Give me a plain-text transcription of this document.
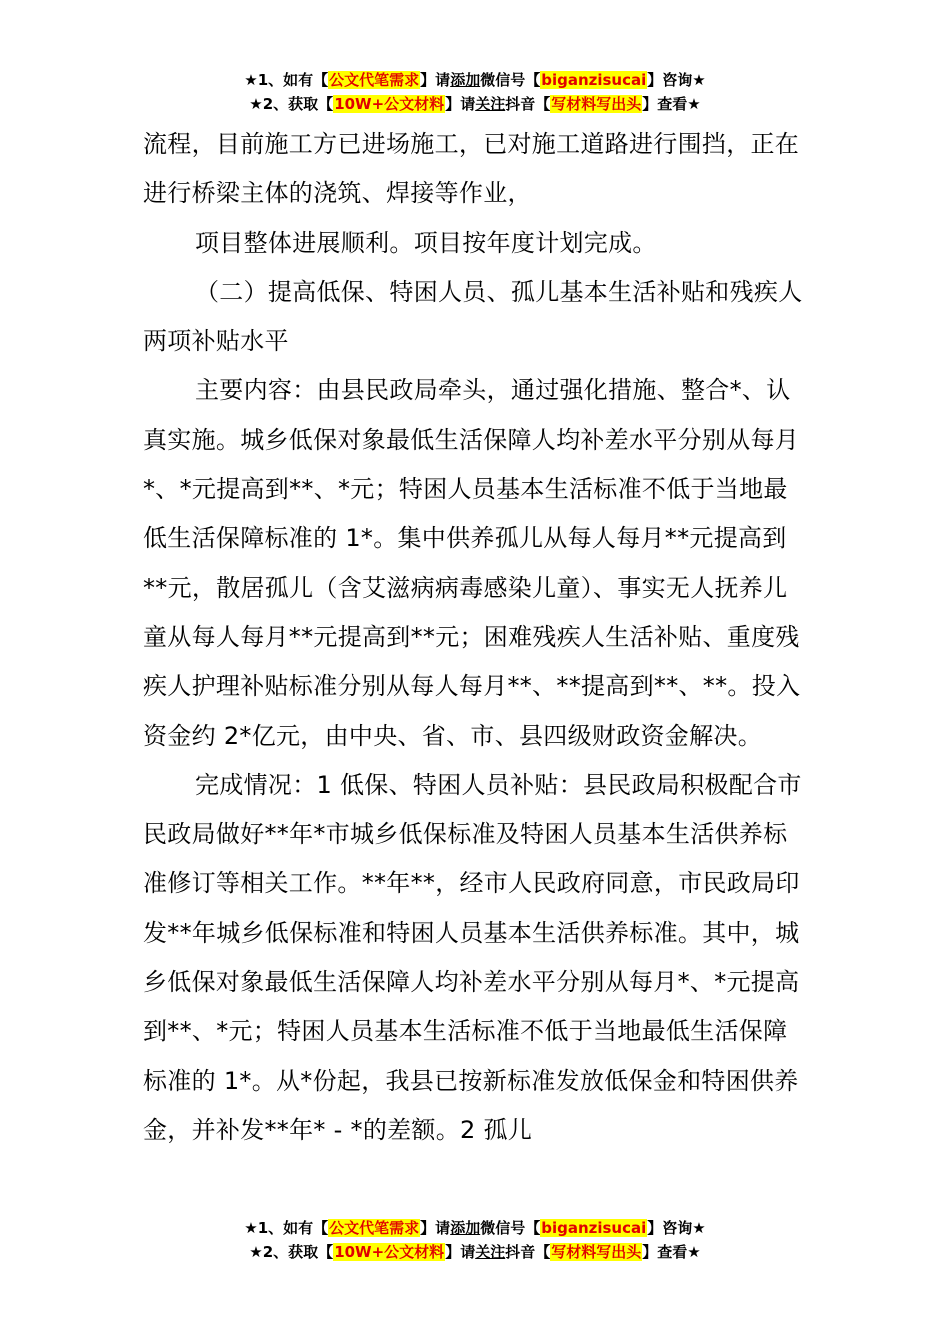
★1、如有【公文代笔需求】请添加微信号【biganzisucai】咨询★
★2、获取【10W+公文材料】请关注抖音【写材料写出头】查看★

流程，目前施工方已进场施工，已对施工道路进行围挡，正在进行桥梁主体的浇筑、焊接等作业，

项目整体进展顺利。项目按年度计划完成。

（二）提高低保、特困人员、孤儿基本生活补贴和残疾人两项补贴水平

主要内容：由县民政局牵头，通过强化措施、整合*、认真实施。城乡低保对象最低生活保障人均补差水平分别从每月*、*元提高到**、*元；特困人员基本生活标准不低于当地最低生活保障标准的 1*。集中供养孤儿从每人每月**元提高到**元，散居孤儿（含艾滋病病毒感染儿童）、事实无人抚养儿童从每人每月**元提高到**元；困难残疾人生活补贴、重度残疾人护理补贴标准分别从每人每月**、**提高到**、**。投入资金约 2*亿元，由中央、省、市、县四级财政资金解决。

完成情况：1 低保、特困人员补贴：县民政局积极配合市民政局做好**年*市城乡低保标准及特困人员基本生活供养标准修订等相关工作。**年**，经市人民政府同意，市民政局印发**年城乡低保标准和特困人员基本生活供养标准。其中，城乡低保对象最低生活保障人均补差水平分别从每月*、*元提高到**、*元；特困人员基本生活标准不低于当地最低生活保障标准的 1*。从*份起，我县已按新标准发放低保金和特困供养金，并补发**年* - *的差额。2 孤儿

★1、如有【公文代笔需求】请添加微信号【biganzisucai】咨询★
★2、获取【10W+公文材料】请关注抖音【写材料写出头】查看★
